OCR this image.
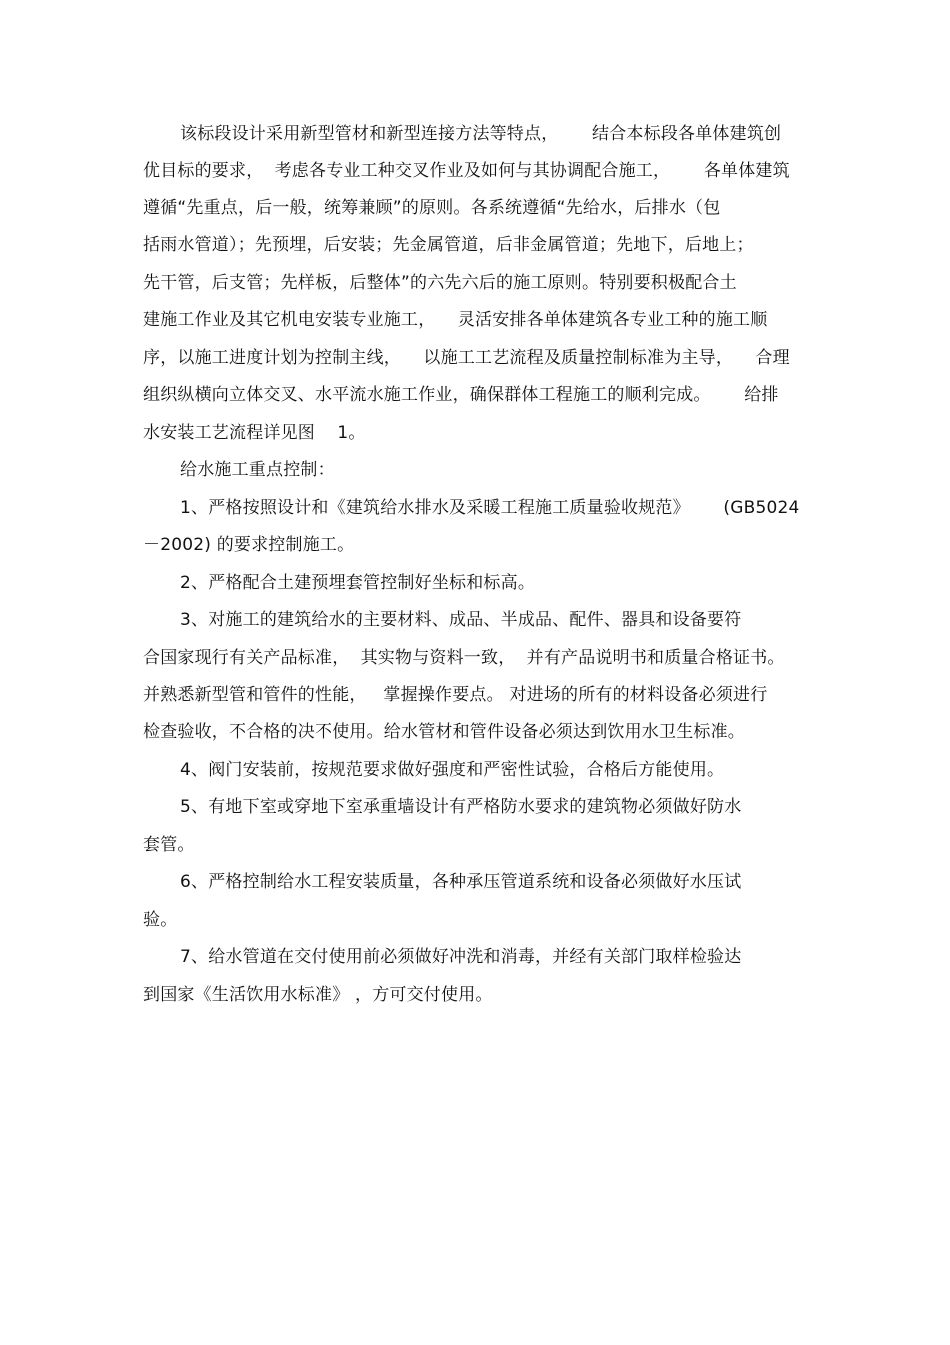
该标段设计采用新型管材和新型连接方法等特点，      结合本标段各单体建筑创
优目标的要求，  考虑各专业工种交叉作业及如何与其协调配合施工，      各单体建筑
遵循“先重点，后一般，统筹兼顾”的原则。各系统遵循“先给水，后排水（包
括雨水管道）；先预埋，后安装；先金属管道，后非金属管道；先地下，后地上；
先干管，后支管；先样板，后整体”的六先六后的施工原则。特别要积极配合土
建施工作业及其它机电安装专业施工，    灵活安排各单体建筑各专业工种的施工顺
序，以施工进度计划为控制主线，    以施工工艺流程及质量控制标准为主导，    合理
组织纵横向立体交叉、水平流水施工作业，确保群体工程施工的顺利完成。      给排
水安装工艺流程详见图    1。
给水施工重点控制：
1、严格按照设计和《建筑给水排水及采暖工程施工质量验收规范》      (GB5024
－2002) 的要求控制施工。
2、严格配合土建预埋套管控制好坐标和标高。
3、对施工的建筑给水的主要材料、成品、半成品、配件、器具和设备要符
合国家现行有关产品标准，  其实物与资料一致，  并有产品说明书和质量合格证书。
并熟悉新型管和管件的性能，   掌握操作要点。 对进场的所有的材料设备必须进行
检查验收，不合格的决不使用。给水管材和管件设备必须达到饮用水卫生标准。
4、阀门安装前，按规范要求做好强度和严密性试验，合格后方能使用。
5、有地下室或穿地下室承重墙设计有严格防水要求的建筑物必须做好防水
套管。
6、严格控制给水工程安装质量，各种承压管道系统和设备必须做好水压试
验。
7、给水管道在交付使用前必须做好冲洗和消毒，并经有关部门取样检验达
到国家《生活饮用水标准》 ，方可交付使用。
